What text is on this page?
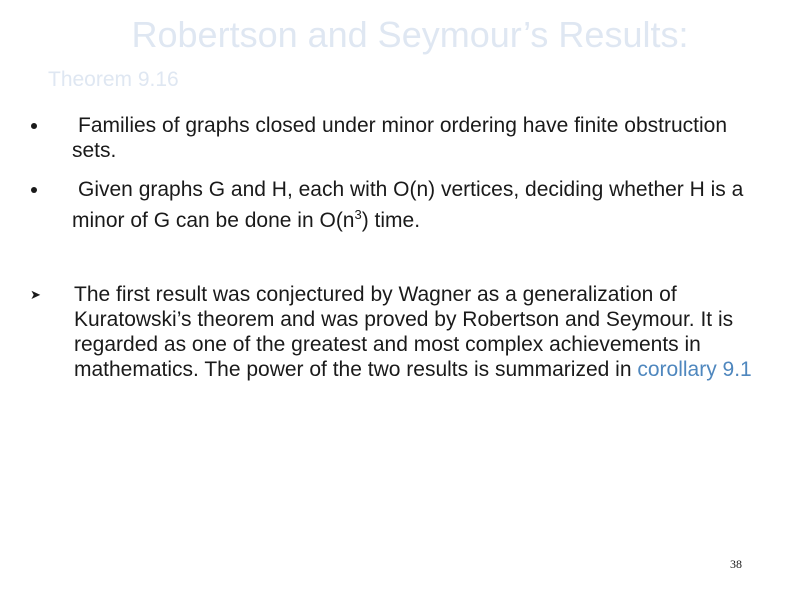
Robertson and Seymour’s Results:
Theorem 9.16
Families of graphs closed under minor ordering have finite obstruction sets.
Given graphs G and H, each with O(n) vertices, deciding whether H is a minor of G can be done in $O(n^3)$ time.
➤ The first result was conjectured by Wagner as a generalization of Kuratowski’s theorem and was proved by Robertson and Seymour. It is regarded as one of the greatest and most complex achievements in mathematics. The power of the two results is summarized in corollary 9.1
38
